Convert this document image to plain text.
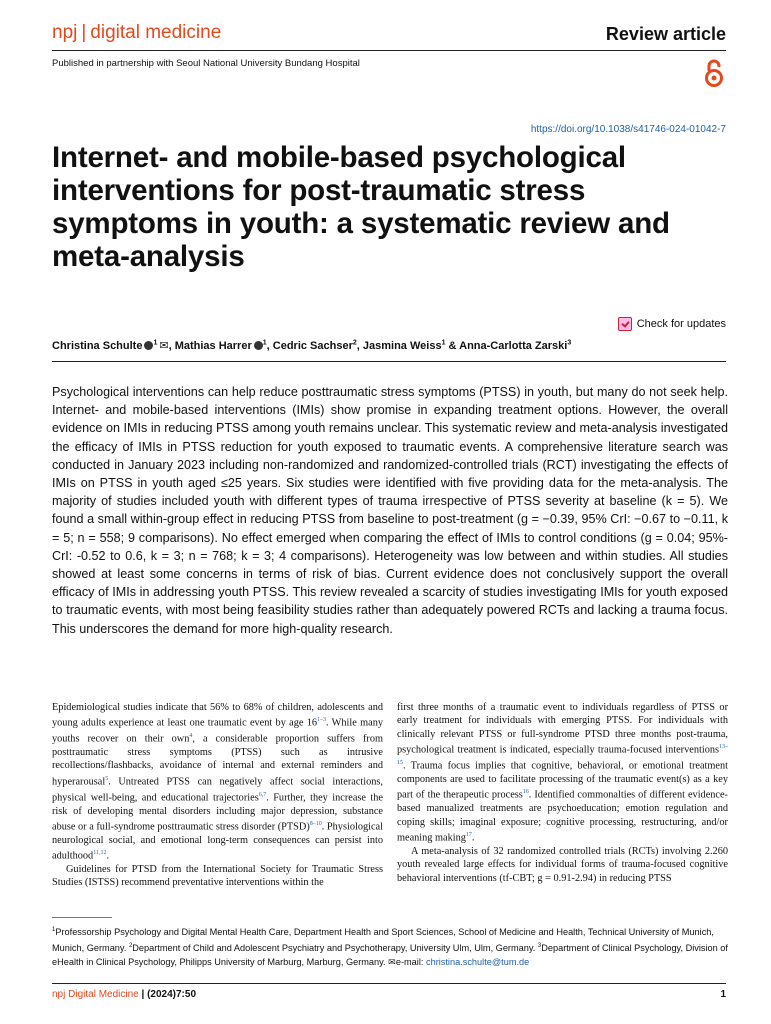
npj | digital medicine	Review article
Published in partnership with Seoul National University Bundang Hospital
https://doi.org/10.1038/s41746-024-01042-7
Internet- and mobile-based psychological interventions for post-traumatic stress symptoms in youth: a systematic review and meta-analysis
Check for updates
Christina Schulte $^1$ ✉, Mathias Harrer $^1$, Cedric Sachser$^2$, Jasmina Weiss$^1$ & Anna-Carlotta Zarski$^3$
Psychological interventions can help reduce posttraumatic stress symptoms (PTSS) in youth, but many do not seek help. Internet- and mobile-based interventions (IMIs) show promise in expanding treatment options. However, the overall evidence on IMIs in reducing PTSS among youth remains unclear. This systematic review and meta-analysis investigated the efficacy of IMIs in PTSS reduction for youth exposed to traumatic events. A comprehensive literature search was conducted in January 2023 including non-randomized and randomized-controlled trials (RCT) investigating the effects of IMIs on PTSS in youth aged ≤25 years. Six studies were identified with five providing data for the meta-analysis. The majority of studies included youth with different types of trauma irrespective of PTSS severity at baseline (k = 5). We found a small within-group effect in reducing PTSS from baseline to post-treatment (g = −0.39, 95% CrI: −0.67 to −0.11, k = 5; n = 558; 9 comparisons). No effect emerged when comparing the effect of IMIs to control conditions (g = 0.04; 95%-CrI: -0.52 to 0.6, k = 3; n = 768; k = 3; 4 comparisons). Heterogeneity was low between and within studies. All studies showed at least some concerns in terms of risk of bias. Current evidence does not conclusively support the overall efficacy of IMIs in addressing youth PTSS. This review revealed a scarcity of studies investigating IMIs for youth exposed to traumatic events, with most being feasibility studies rather than adequately powered RCTs and lacking a trauma focus. This underscores the demand for more high-quality research.

Epidemiological studies indicate that 56% to 68% of children, adolescents and young adults experience at least one traumatic event by age 16$^{1-3}$. While many youths recover on their own$^4$, a considerable proportion suffers from posttraumatic stress symptoms (PTSS) such as intrusive recollections/flashbacks, avoidance of internal and external reminders and hyperarousal$^5$. Untreated PTSS can negatively affect social interactions, physical well-being, and educational trajectories$^{6,7}$. Further, they increase the risk of developing mental disorders including major depression, substance abuse or a full-syndrome posttraumatic stress disorder (PTSD)$^{8-10}$. Physiological neurological social, and emotional long-term consequences can persist into adulthood$^{11,12}$.

Guidelines for PTSD from the International Society for Traumatic Stress Studies (ISTSS) recommend preventative interventions within the

first three months of a traumatic event to individuals regardless of PTSS or early treatment for individuals with emerging PTSS. For individuals with clinically relevant PTSS or full-syndrome PTSD three months post-trauma, psychological treatment is indicated, especially trauma-focused interventions$^{13-15}$. Trauma focus implies that cognitive, behavioral, or emotional treatment components are used to facilitate processing of the traumatic event(s) as a key part of the therapeutic process$^{16}$. Identified commonalties of different evidence-based manualized treatments are psychoeducation; emotion regulation and coping skills; imaginal exposure; cognitive processing, restructuring, and/or meaning making$^{17}$.

A meta-analysis of 32 randomized controlled trials (RCTs) involving 2.260 youth revealed large effects for individual forms of trauma-focused cognitive behavioral interventions (tf-CBT; g = 0.91-2.94) in reducing PTSS

$^1$Professorship Psychology and Digital Mental Health Care, Department Health and Sport Sciences, School of Medicine and Health, Technical University of Munich, Munich, Germany. $^2$Department of Child and Adolescent Psychiatry and Psychotherapy, University Ulm, Ulm, Germany. $^3$Department of Clinical Psychology, Division of eHealth in Clinical Psychology, Philipps University of Marburg, Marburg, Germany. ✉e-mail: christina.schulte@tum.de
npj Digital Medicine | (2024)7:50	1
